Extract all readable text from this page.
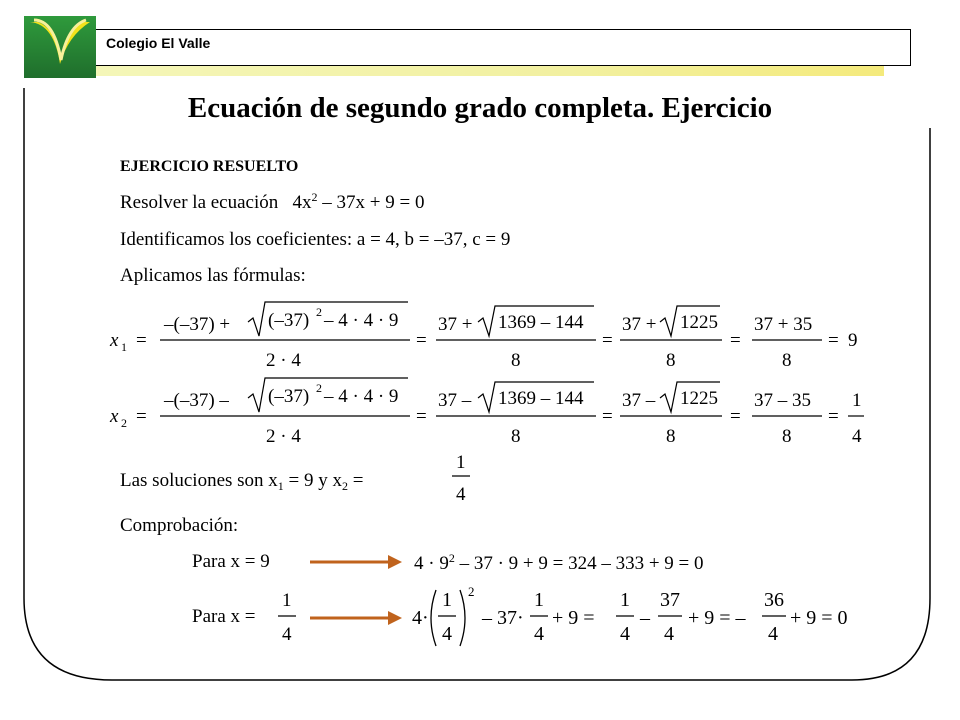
Colegio El Valle
Ecuación de segundo grado completa. Ejercicio
EJERCICIO RESUELTO
Resolver la ecuación $4x^2 - 37x + 9 = 0$
Identificamos los coeficientes: a = 4, b = –37, c = 9
Aplicamos las fórmulas:
x 1 =
–(–37) + (–37) 2 – 4 · 4 · 9
2 · 4
=
37 + 1369 – 144
8
=
37 + 1225
8
=
37 + 35
8
= 9
x 2 =
–(–37) – (–37) 2 – 4 · 4 · 9
2 · 4
=
37 – 1369 – 144
8
=
37 – 1225
8
=
37 – 35
8
=
1
4
Las soluciones son $x_1 = 9$ y $x_2$ =
1
4
Comprobación:
Para x = 9	$4 \cdot 9^2 - 37 \cdot 9 + 9 = 324 - 333 + 9 = 0$
Para x =
1
4
4·
1
4
2
– 37·
1
4
+ 9 =
1
4
–
37
4
+ 9 = –
36
4
+ 9 = 0
